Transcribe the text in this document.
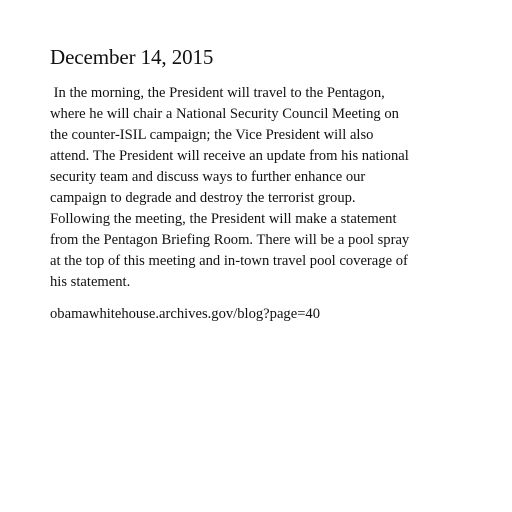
December 14, 2015

In the morning, the President will travel to the Pentagon, where he will chair a National Security Council Meeting on the counter-ISIL campaign; the Vice President will also attend. The President will receive an update from his national security team and discuss ways to further enhance our campaign to degrade and destroy the terrorist group. Following the meeting, the President will make a statement from the Pentagon Briefing Room. There will be a pool spray at the top of this meeting and in-town travel pool coverage of his statement.

obamawhitehouse.archives.gov/blog?page=40
